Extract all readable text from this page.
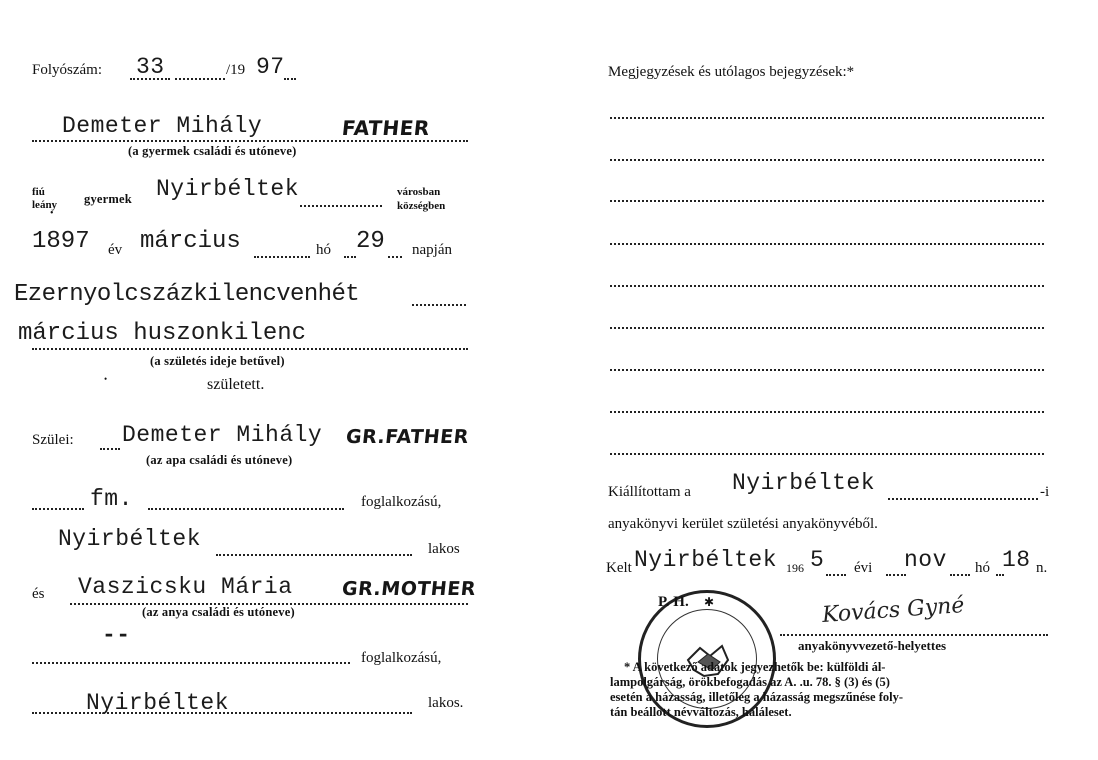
Folyószám: 33	/19 97
Demeter Mihály	FATHER
(a gyermek családi és utóneve)
fiú
leány
•
gyermek Nyirbéltek	városban
községben
1897 év március	hó 29 napján
Ezernyolcszázkilencvenhét
március huszonkilenc
(a születés ideje betűvel)
•	született.
Szülei: Demeter Mihály GR.FATHER
(az apa családi és utóneve)
fm.	foglalkozású,
Nyirbéltek	lakos
és Vaszicsku Mária	GR.MOTHER
(az anya családi és utóneve)
--
foglalkozású,
Nyirbéltek	lakos.
Megjegyzések és utólagos bejegyzések:*
Kiállítottam a Nyirbéltek	-i
anyakönyvi kerület születési anyakönyvéből.
Kelt Nyirbéltek 196 5 évi nov hó 18 n.
✱
P. H.	Kovács Gyné
anyakönyvvezető-helyettes
* A következő adatok jegyezhetők be: külföldi ál-
lampolgárság, örökbefogadás az A. .u. 78. § (3) és (5)
esetén a házasság, illetőleg a házasság megszűnése foly-
tán beállott névváltozás, haláleset.
